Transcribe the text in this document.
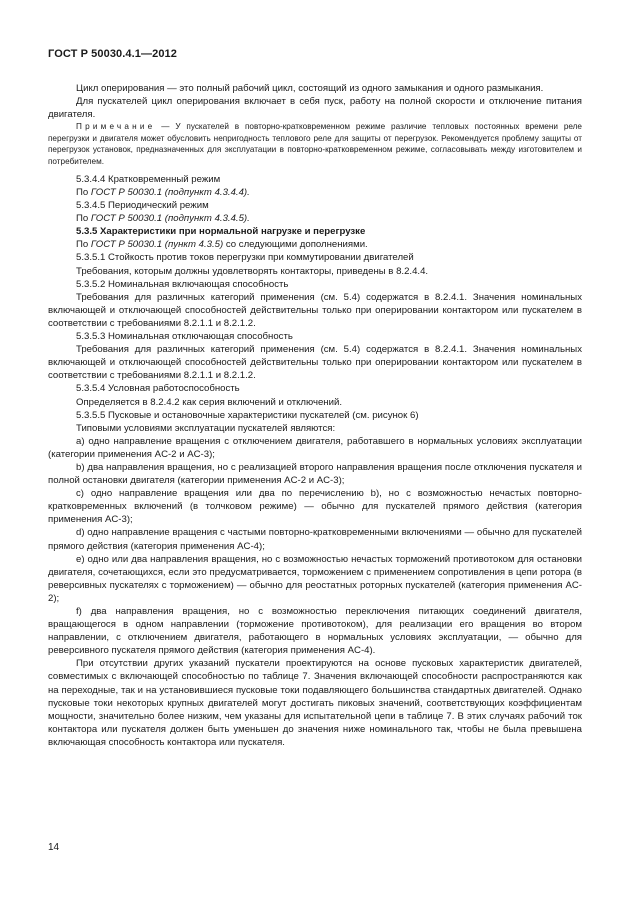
ГОСТ Р 50030.4.1—2012

Цикл оперирования — это полный рабочий цикл, состоящий из одного замыкания и одного размыкания.

Для пускателей цикл оперирования включает в себя пуск, работу на полной скорости и отключение питания двигателя.

Примечание — У пускателей в повторно-кратковременном режиме различие тепловых постоянных времени реле перегрузки и двигателя может обусловить непригодность теплового реле для защиты от перегрузок. Рекомендуется проблему защиты от перегрузок установок, предназначенных для эксплуатации в повторно-кратковременном режиме, согласовывать между изготовителем и потребителем.

5.3.4.4 Кратковременный режим

По ГОСТ Р 50030.1 (подпункт 4.3.4.4).

5.3.4.5 Периодический режим

По ГОСТ Р 50030.1 (подпункт 4.3.4.5).

5.3.5 Характеристики при нормальной нагрузке и перегрузке

По ГОСТ Р 50030.1 (пункт 4.3.5) со следующими дополнениями.

5.3.5.1 Стойкость против токов перегрузки при коммутировании двигателей

Требования, которым должны удовлетворять контакторы, приведены в 8.2.4.4.

5.3.5.2 Номинальная включающая способность

Требования для различных категорий применения (см. 5.4) содержатся в 8.2.4.1. Значения номинальных включающей и отключающей способностей действительны только при оперировании контактором или пускателем в соответствии с требованиями 8.2.1.1 и 8.2.1.2.

5.3.5.3 Номинальная отключающая способность

Требования для различных категорий применения (см. 5.4) содержатся в 8.2.4.1. Значения номинальных включающей и отключающей способностей действительны только при оперировании контактором или пускателем в соответствии с требованиями 8.2.1.1 и 8.2.1.2.

5.3.5.4 Условная работоспособность

Определяется в 8.2.4.2 как серия включений и отключений.

5.3.5.5 Пусковые и остановочные характеристики пускателей (см. рисунок 6)

Типовыми условиями эксплуатации пускателей являются:

a) одно направление вращения с отключением двигателя, работавшего в нормальных условиях эксплуатации (категории применения AC-2 и AC-3);

b) два направления вращения, но с реализацией второго направления вращения после отключения пускателя и полной остановки двигателя (категории применения AC-2 и AC-3);

c) одно направление вращения или два по перечислению b), но с возможностью нечастых повторно-кратковременных включений (в толчковом режиме) — обычно для пускателей прямого действия (категория применения AC-3);

d) одно направление вращения с частыми повторно-кратковременными включениями — обычно для пускателей прямого действия (категория применения AC-4);

e) одно или два направления вращения, но с возможностью нечастых торможений противотоком для остановки двигателя, сочетающихся, если это предусматривается, торможением с применением сопротивления в цепи ротора (в реверсивных пускателях с торможением) — обычно для реостатных роторных пускателей (категория применения AC-2);

f) два направления вращения, но с возможностью переключения питающих соединений двигателя, вращающегося в одном направлении (торможение противотоком), для реализации его вращения во втором направлении, с отключением двигателя, работающего в нормальных условиях эксплуатации, — обычно для реверсивного пускателя прямого действия (категория применения AC-4).

При отсутствии других указаний пускатели проектируются на основе пусковых характеристик двигателей, совместимых с включающей способностью по таблице 7. Значения включающей способности распространяются как на переходные, так и на установившиеся пусковые токи подавляющего большинства стандартных двигателей. Однако пусковые токи некоторых крупных двигателей могут достигать пиковых значений, соответствующих коэффициентам мощности, значительно более низким, чем указаны для испытательной цепи в таблице 7. В этих случаях рабочий ток контактора или пускателя должен быть уменьшен до значения ниже номинального так, чтобы не была превышена включающая способность контактора или пускателя.

14
